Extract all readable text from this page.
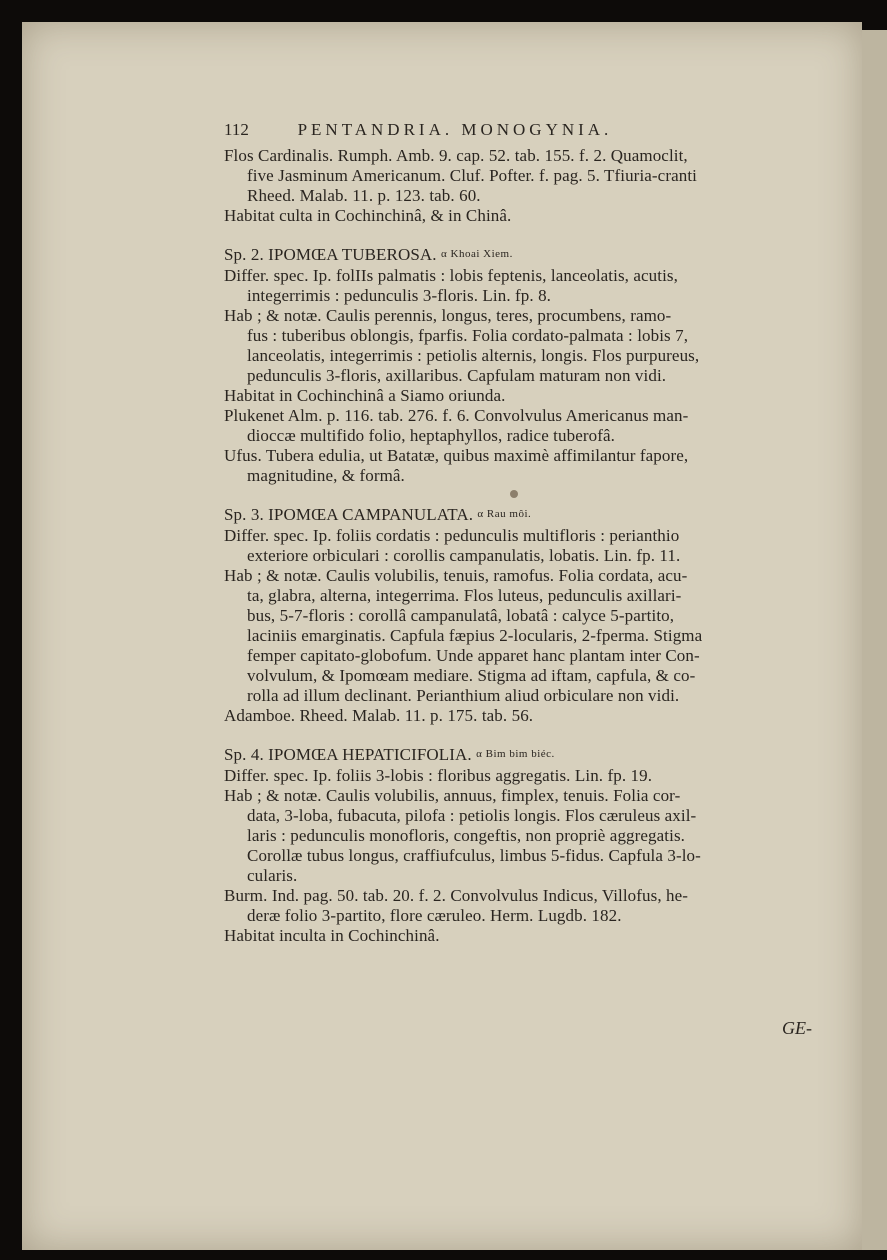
112	PENTANDRIA. MONOGYNIA.
Flos Cardinalis. Rumph. Amb. 9. cap. 52. tab. 155. f. 2. Quamoclit,
five Jasminum Americanum. Cluf. Pofter. f. pag. 5. Tfiuria-cranti
Rheed. Malab. 11. p. 123. tab. 60.
Habitat culta in Cochinchinâ, & in Chinâ.
Sp. 2. IPOMŒA TUBEROSA. α Khoai Xiem.
Differ. spec. Ip. folIIs palmatis : lobis feptenis, lanceolatis, acutis,
integerrimis : pedunculis 3-floris. Lin. fp. 8.
Hab ; & notæ. Caulis perennis, longus, teres, procumbens, ramo-
fus : tuberibus oblongis, fparfis. Folia cordato-palmata : lobis 7,
lanceolatis, integerrimis : petiolis alternis, longis. Flos purpureus,
pedunculis 3-floris, axillaribus. Capfulam maturam non vidi.
Habitat in Cochinchinâ a Siamo oriunda.
Plukenet Alm. p. 116. tab. 276. f. 6. Convolvulus Americanus man-
dioccæ multifido folio, heptaphyllos, radice tuberofâ.
Ufus. Tubera edulia, ut Batatæ, quibus maximè affimilantur fapore,
magnitudine, & formâ.
Sp. 3. IPOMŒA CAMPANULATA. α Rau môi.
Differ. spec. Ip. foliis cordatis : pedunculis multifloris : perianthio
exteriore orbiculari : corollis campanulatis, lobatis. Lin. fp. 11.
Hab ; & notæ. Caulis volubilis, tenuis, ramofus. Folia cordata, acu-
ta, glabra, alterna, integerrima. Flos luteus, pedunculis axillari-
bus, 5-7-floris : corollâ campanulatâ, lobatâ : calyce 5-partito,
laciniis emarginatis. Capfula fæpius 2-locularis, 2-fperma. Stigma
femper capitato-globofum. Unde apparet hanc plantam inter Con-
volvulum, & Ipomœam mediare. Stigma ad iftam, capfula, & co-
rolla ad illum declinant. Perianthium aliud orbiculare non vidi.
Adamboe. Rheed. Malab. 11. p. 175. tab. 56.
Sp. 4. IPOMŒA HEPATICIFOLIA. α Bim bim biéc.
Differ. spec. Ip. foliis 3-lobis : floribus aggregatis. Lin. fp. 19.
Hab ; & notæ. Caulis volubilis, annuus, fimplex, tenuis. Folia cor-
data, 3-loba, fubacuta, pilofa : petiolis longis. Flos cæruleus axil-
laris : pedunculis monofloris, congeftis, non propriè aggregatis.
Corollæ tubus longus, craffiufculus, limbus 5-fidus. Capfula 3-lo-
cularis.
Burm. Ind. pag. 50. tab. 20. f. 2. Convolvulus Indicus, Villofus, he-
deræ folio 3-partito, flore cæruleo. Herm. Lugdb. 182.
Habitat inculta in Cochinchinâ.
GE-
